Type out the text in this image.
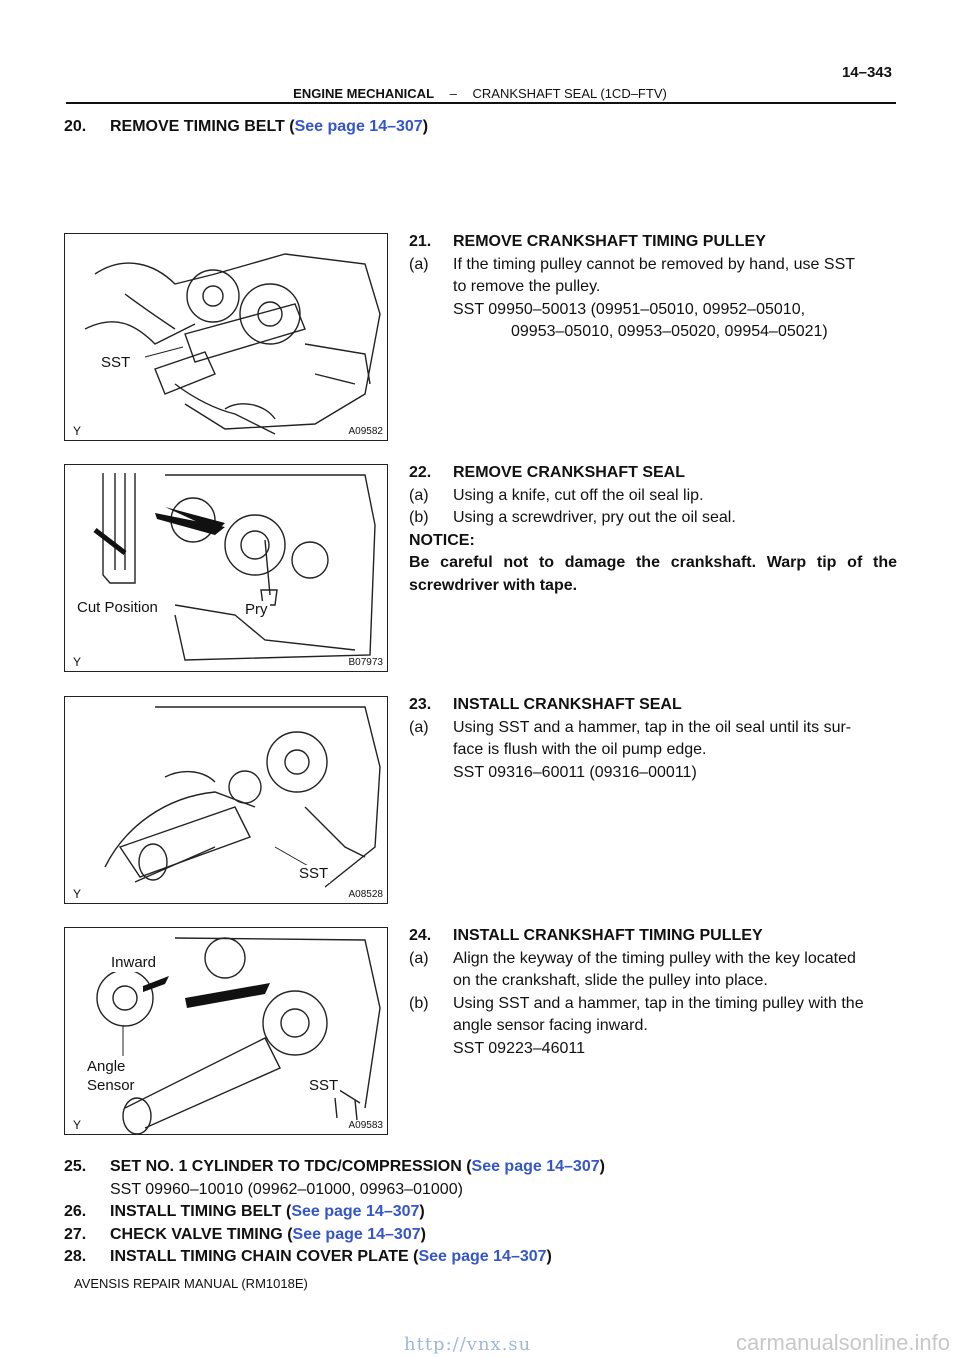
14–343
ENGINE MECHANICAL – CRANKSHAFT SEAL (1CD–FTV)
20.	REMOVE TIMING BELT (See page 14–307)
SST
Y	A09582
21.	REMOVE CRANKSHAFT TIMING PULLEY
(a)	If the timing pulley cannot be removed by hand, use SST
to remove the pulley.
SST 09950–50013 (09951–05010, 09952–05010,
09953–05010, 09953–05020, 09954–05021)
Cut Position	Pry
Y	B07973
22.	REMOVE CRANKSHAFT SEAL
(a)	Using a knife, cut off the oil seal lip.
(b)	Using a screwdriver, pry out the oil seal.
NOTICE:
Be careful not to damage the crankshaft. Warp tip of the screwdriver with tape.
SST
Y	A08528
23.	INSTALL CRANKSHAFT SEAL
(a)	Using SST and a hammer, tap in the oil seal until its sur-
face is flush with the oil pump edge.
SST 09316–60011 (09316–00011)
Inward
Angle
Sensor	SST
Y	A09583
24.	INSTALL CRANKSHAFT TIMING PULLEY
(a)	Align the keyway of the timing pulley with the key located
on the crankshaft, slide the pulley into place.
(b)	Using SST and a hammer, tap in the timing pulley with the
angle sensor facing inward.
SST 09223–46011
25.	SET NO. 1 CYLINDER TO TDC/COMPRESSION (See page 14–307)
SST 09960–10010 (09962–01000, 09963–01000)
26.	INSTALL TIMING BELT (See page 14–307)
27.	CHECK VALVE TIMING (See page 14–307)
28.	INSTALL TIMING CHAIN COVER PLATE (See page 14–307)
AVENSIS REPAIR MANUAL (RM1018E)
http://vnx.su	carmanualsonline.info
